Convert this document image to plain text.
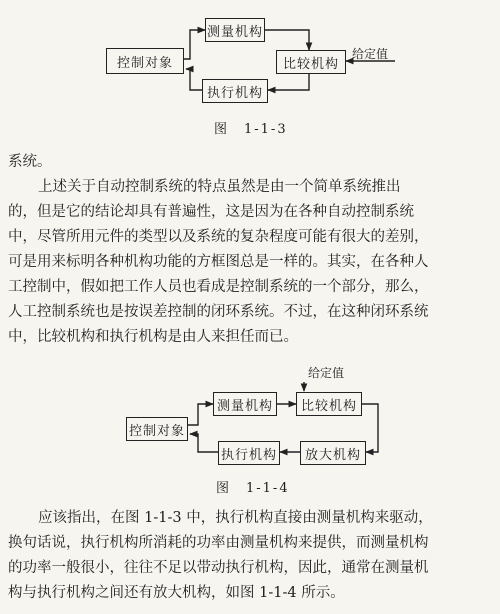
控制对象
测量机构
比较机构
执行机构
给定值
图　1-1-3
系统。
上述关于自动控制系统的特点虽然是由一个简单系统推出
的，但是它的结论却具有普遍性，这是因为在各种自动控制系统
中，尽管所用元件的类型以及系统的复杂程度可能有很大的差别，
可是用来标明各种机构功能的方框图总是一样的。其实，在各种人
工控制中，假如把工作人员也看成是控制系统的一个部分，那么，
人工控制系统也是按误差控制的闭环系统。不过，在这种闭环系统
中，比较机构和执行机构是由人来担任而已。
控制对象
测量机构 比较机构
执行机构 放大机构
给定值
图　1-1-4
应该指出，在图 1-1-3 中，执行机构直接由测量机构来驱动，
换句话说，执行机构所消耗的功率由测量机构来提供，而测量机构
的功率一般很小，往往不足以带动执行机构，因此，通常在测量机
构与执行机构之间还有放大机构，如图 1-1-4 所示。
